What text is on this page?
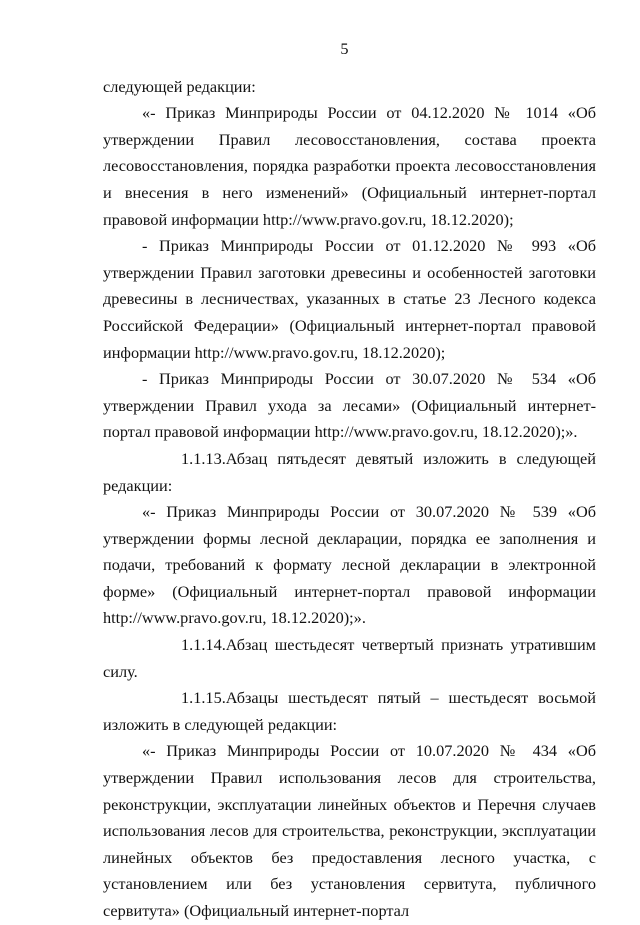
5

следующей редакции:

«- Приказ Минприроды России от 04.12.2020 № 1014 «Об утверждении Правил лесовосстановления, состава проекта лесовосстановления, порядка разработки проекта лесовосстановления и внесения в него изменений» (Официальный интернет-портал правовой информации http://www.pravo.gov.ru, 18.12.2020);

- Приказ Минприроды России от 01.12.2020 № 993 «Об утверждении Правил заготовки древесины и особенностей заготовки древесины в лесничествах, указанных в статье 23 Лесного кодекса Российской Федерации» (Официальный интернет-портал правовой информации http://www.pravo.gov.ru, 18.12.2020);

- Приказ Минприроды России от 30.07.2020 № 534 «Об утверждении Правил ухода за лесами» (Официальный интернет-портал правовой информации http://www.pravo.gov.ru, 18.12.2020);».

1.1.13.Абзац пятьдесят девятый изложить в следующей редакции:

«- Приказ Минприроды России от 30.07.2020 № 539 «Об утверждении формы лесной декларации, порядка ее заполнения и подачи, требований к формату лесной декларации в электронной форме» (Официальный интернет-портал правовой информации http://www.pravo.gov.ru, 18.12.2020);».

1.1.14.Абзац шестьдесят четвертый признать утратившим силу.

1.1.15.Абзацы шестьдесят пятый – шестьдесят восьмой изложить в следующей редакции:

«- Приказ Минприроды России от 10.07.2020 № 434 «Об утверждении Правил использования лесов для строительства, реконструкции, эксплуатации линейных объектов и Перечня случаев использования лесов для строительства, реконструкции, эксплуатации линейных объектов без предоставления лесного участка, с установлением или без установления сервитута, публичного сервитута» (Официальный интернет-портал
